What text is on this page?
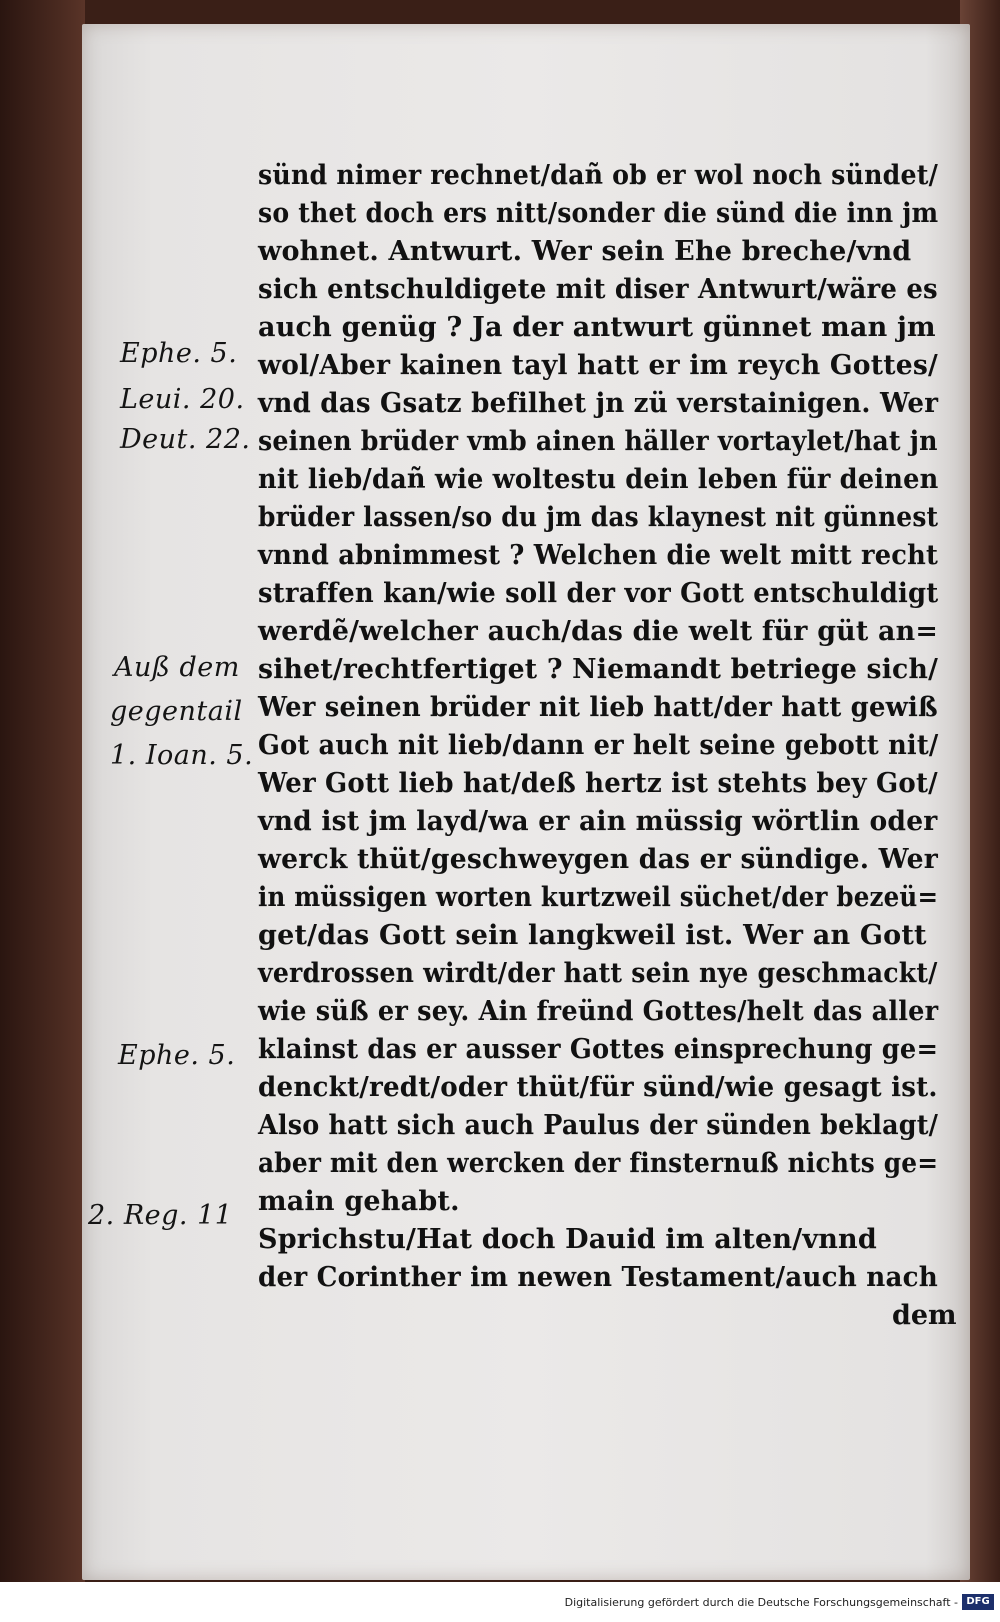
Ephe. 5.
Leui. 20.
Deut. 22.
Auß dem
gegentail
1. Ioan. 5.
Ephe. 5.
2. Reg. 11
sünd nimer rechnet/dañ ob er wol noch sündet/
so thet doch ers nitt/sonder die sünd die inn jm
wohnet. Antwurt. Wer sein Ehe breche/vnd
sich entschuldigete mit diser Antwurt/wäre es
auch genüg ? Ja der antwurt günnet man jm
wol/Aber kainen tayl hatt er im reych Gottes/
vnd das Gsatz befilhet jn zü verstainigen. Wer
seinen brüder vmb ainen häller vortaylet/hat jn
nit lieb/dañ wie woltestu dein leben für deinen
brüder lassen/so du jm das klaynest nit günnest
vnnd abnimmest ? Welchen die welt mitt recht
straffen kan/wie soll der vor Gott entschuldigt
werdẽ/welcher auch/das die welt für güt an=
sihet/rechtfertiget ? Niemandt betriege sich/
Wer seinen brüder nit lieb hatt/der hatt gewiß
Got auch nit lieb/dann er helt seine gebott nit/
Wer Gott lieb hat/deß hertz ist stehts bey Got/
vnd ist jm layd/wa er ain müssig wörtlin oder
werck thüt/geschweygen das er sündige. Wer
in müssigen worten kurtzweil süchet/der bezeü=
get/das Gott sein langkweil ist. Wer an Gott
verdrossen wirdt/der hatt sein nye geschmackt/
wie süß er sey. Ain freünd Gottes/helt das aller
klainst das er ausser Gottes einsprechung ge=
denckt/redt/oder thüt/für sünd/wie gesagt ist.
Also hatt sich auch Paulus der sünden beklagt/
aber mit den wercken der finsternuß nichts ge=
main gehabt.
Sprichstu/Hat doch Dauid im alten/vnnd
der Corinther im newen Testament/auch nach
dem
Digitalisierung gefördert durch die Deutsche Forschungsgemeinschaft - DFG
